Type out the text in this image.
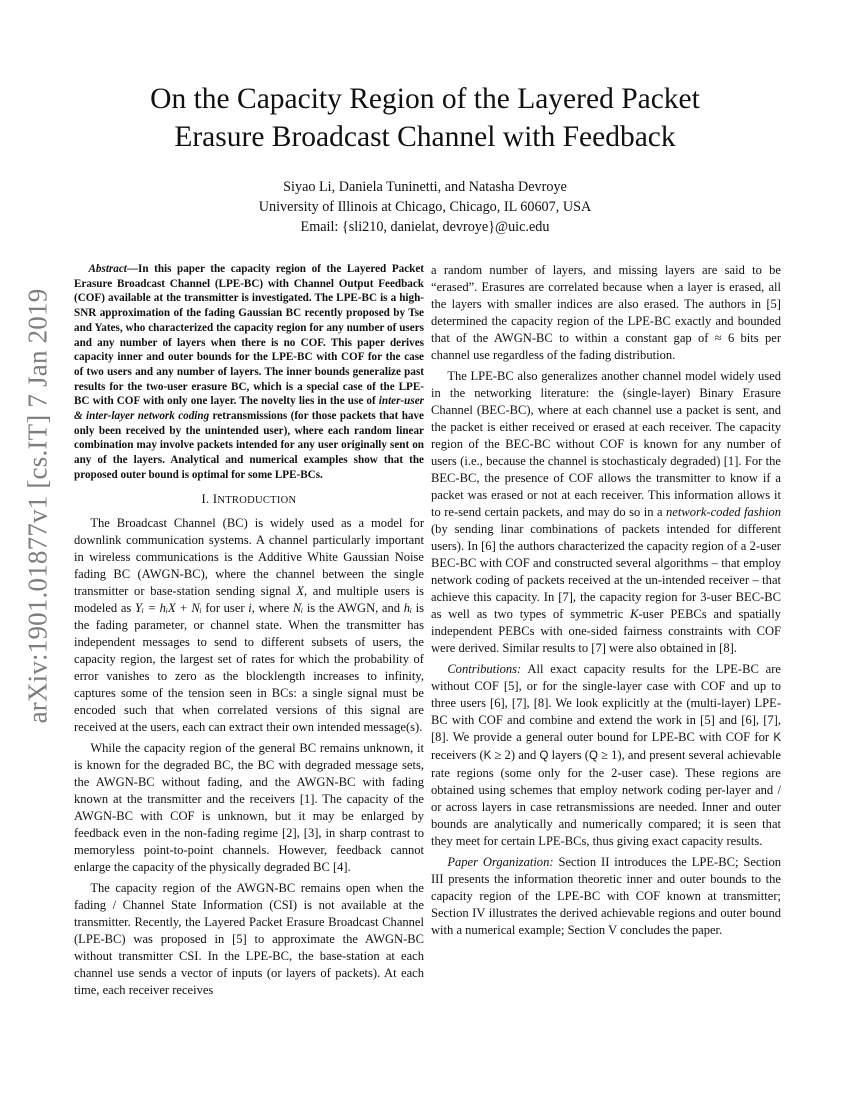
arXiv:1901.01877v1 [cs.IT] 7 Jan 2019
On the Capacity Region of the Layered Packet
Erasure Broadcast Channel with Feedback
Siyao Li, Daniela Tuninetti, and Natasha Devroye
University of Illinois at Chicago, Chicago, IL 60607, USA
Email: {sli210, danielat, devroye}@uic.edu

Abstract—In this paper the capacity region of the Layered Packet Erasure Broadcast Channel (LPE-BC) with Channel Output Feedback (COF) available at the transmitter is investigated. The LPE-BC is a high-SNR approximation of the fading Gaussian BC recently proposed by Tse and Yates, who characterized the capacity region for any number of users and any number of layers when there is no COF. This paper derives capacity inner and outer bounds for the LPE-BC with COF for the case of two users and any number of layers. The inner bounds generalize past results for the two-user erasure BC, which is a special case of the LPE-BC with COF with only one layer. The novelty lies in the use of inter-user & inter-layer network coding retransmissions (for those packets that have only been received by the unintended user), where each random linear combination may involve packets intended for any user originally sent on any of the layers. Analytical and numerical examples show that the proposed outer bound is optimal for some LPE-BCs.

I. INTRODUCTION

The Broadcast Channel (BC) is widely used as a model for downlink communication systems. A channel particularly important in wireless communications is the Additive White Gaussian Noise fading BC (AWGN-BC), where the channel between the single transmitter or base-station sending signal X, and multiple users is modeled as Yᵢ = hᵢX + Nᵢ for user i, where Nᵢ is the AWGN, and hᵢ is the fading parameter, or channel state. When the transmitter has independent messages to send to different subsets of users, the capacity region, the largest set of rates for which the probability of error vanishes to zero as the blocklength increases to infinity, captures some of the tension seen in BCs: a single signal must be encoded such that when correlated versions of this signal are received at the users, each can extract their own intended message(s).

While the capacity region of the general BC remains unknown, it is known for the degraded BC, the BC with degraded message sets, the AWGN-BC without fading, and the AWGN-BC with fading known at the transmitter and the receivers [1]. The capacity of the AWGN-BC with COF is unknown, but it may be enlarged by feedback even in the non-fading regime [2], [3], in sharp contrast to memoryless point-to-point channels. However, feedback cannot enlarge the capacity of the physically degraded BC [4].

The capacity region of the AWGN-BC remains open when the fading / Channel State Information (CSI) is not available at the transmitter. Recently, the Layered Packet Erasure Broadcast Channel (LPE-BC) was proposed in [5] to approximate the AWGN-BC without transmitter CSI. In the LPE-BC, the base-station at each channel use sends a vector of inputs (or layers of packets). At each time, each receiver receives

a random number of layers, and missing layers are said to be “erased”. Erasures are correlated because when a layer is erased, all the layers with smaller indices are also erased. The authors in [5] determined the capacity region of the LPE-BC exactly and bounded that of the AWGN-BC to within a constant gap of ≈ 6 bits per channel use regardless of the fading distribution.

The LPE-BC also generalizes another channel model widely used in the networking literature: the (single-layer) Binary Erasure Channel (BEC-BC), where at each channel use a packet is sent, and the packet is either received or erased at each receiver. The capacity region of the BEC-BC without COF is known for any number of users (i.e., because the channel is stochasticaly degraded) [1]. For the BEC-BC, the presence of COF allows the transmitter to know if a packet was erased or not at each receiver. This information allows it to re-send certain packets, and may do so in a network-coded fashion (by sending linar combinations of packets intended for different users). In [6] the authors characterized the capacity region of a 2-user BEC-BC with COF and constructed several algorithms – that employ network coding of packets received at the un-intended receiver – that achieve this capacity. In [7], the capacity region for 3-user BEC-BC as well as two types of symmetric K-user PEBCs and spatially independent PEBCs with one-sided fairness constraints with COF were derived. Similar results to [7] were also obtained in [8].

Contributions: All exact capacity results for the LPE-BC are without COF [5], or for the single-layer case with COF and up to three users [6], [7], [8]. We look explicitly at the (multi-layer) LPE-BC with COF and combine and extend the work in [5] and [6], [7], [8]. We provide a general outer bound for LPE-BC with COF for K receivers (K ≥ 2) and Q layers (Q ≥ 1), and present several achievable rate regions (some only for the 2-user case). These regions are obtained using schemes that employ network coding per-layer and / or across layers in case retransmissions are needed. Inner and outer bounds are analytically and numerically compared; it is seen that they meet for certain LPE-BCs, thus giving exact capacity results.

Paper Organization: Section II introduces the LPE-BC; Section III presents the information theoretic inner and outer bounds to the capacity region of the LPE-BC with COF known at transmitter; Section IV illustrates the derived achievable regions and outer bound with a numerical example; Section V concludes the paper.
